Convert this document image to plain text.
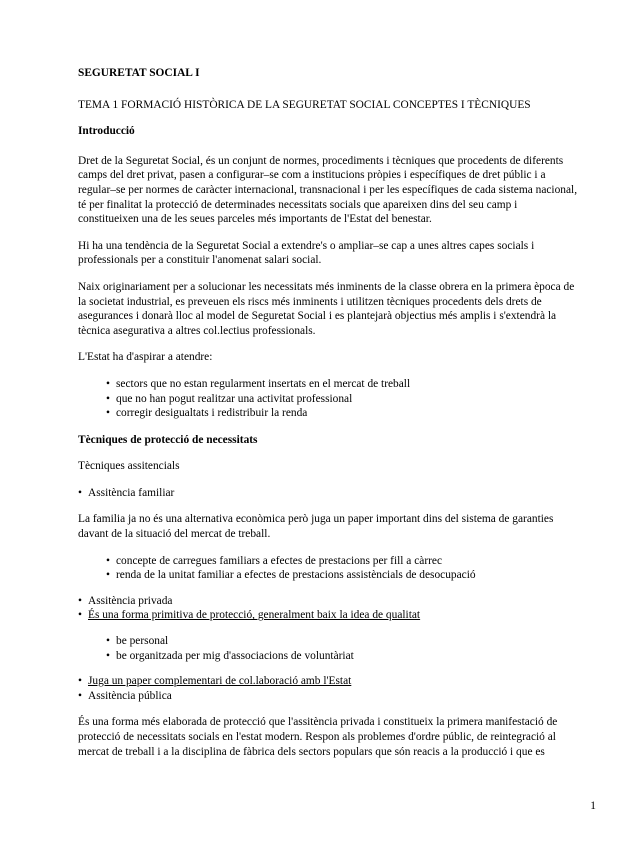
SEGURETAT SOCIAL I

TEMA 1 FORMACIÓ HISTÒRICA DE LA SEGURETAT SOCIAL CONCEPTES I TÈCNIQUES

Introducció

Dret de la Seguretat Social, és un conjunt de normes, procediments i tècniques que procedents de diferents camps del dret privat, pasen a configurar–se com a institucions pròpies i específiques de dret públic i a regular–se per normes de caràcter internacional, transnacional i per les específiques de cada sistema nacional, té per finalitat la protecció de determinades necessitats socials que apareixen dins del seu camp i constitueixen una de les seues parceles més importants de l'Estat del benestar.

Hi ha una tendència de la Seguretat Social a extendre's o ampliar–se cap a unes altres capes socials i professionals per a constituir l'anomenat salari social.

Naix originariament per a solucionar les necessitats més inminents de la classe obrera en la primera època de la societat industrial, es preveuen els riscs més inminents i utilitzen tècniques procedents dels drets de asegurances i donarà lloc al model de Seguretat Social i es plantejarà objectius més amplis i s'extendrà la tècnica asegurativa a altres col.lectius professionals.

L'Estat ha d'aspirar a atendre:

• sectors que no estan regularment insertats en el mercat de treball
• que no han pogut realitzar una activitat professional
• corregir desigualtats i redistribuir la renda

Tècniques de protecció de necessitats

Tècniques assitencials

• Assitència familiar

La familia ja no és una alternativa econòmica però juga un paper important dins del sistema de garanties davant de la situació del mercat de treball.

• concepte de carregues familiars a efectes de prestacions per fill a càrrec
• renda de la unitat familiar a efectes de prestacions assistèncials de desocupació
• Assitència privada
• És una forma primitiva de protecció, generalment baix la idea de qualitat
• be personal
• be organitzada per mig d'associacions de voluntàriat
• Juga un paper complementari de col.laboració amb l'Estat
• Assitència pública

És una forma més elaborada de protecció que l'assitència privada i constitueix la primera manifestació de protecció de necessitats socials en l'estat modern. Respon als problemes d'ordre públic, de reintegració al mercat de treball i a la disciplina de fàbrica dels sectors populars que són reacis a la producció i que es

1
